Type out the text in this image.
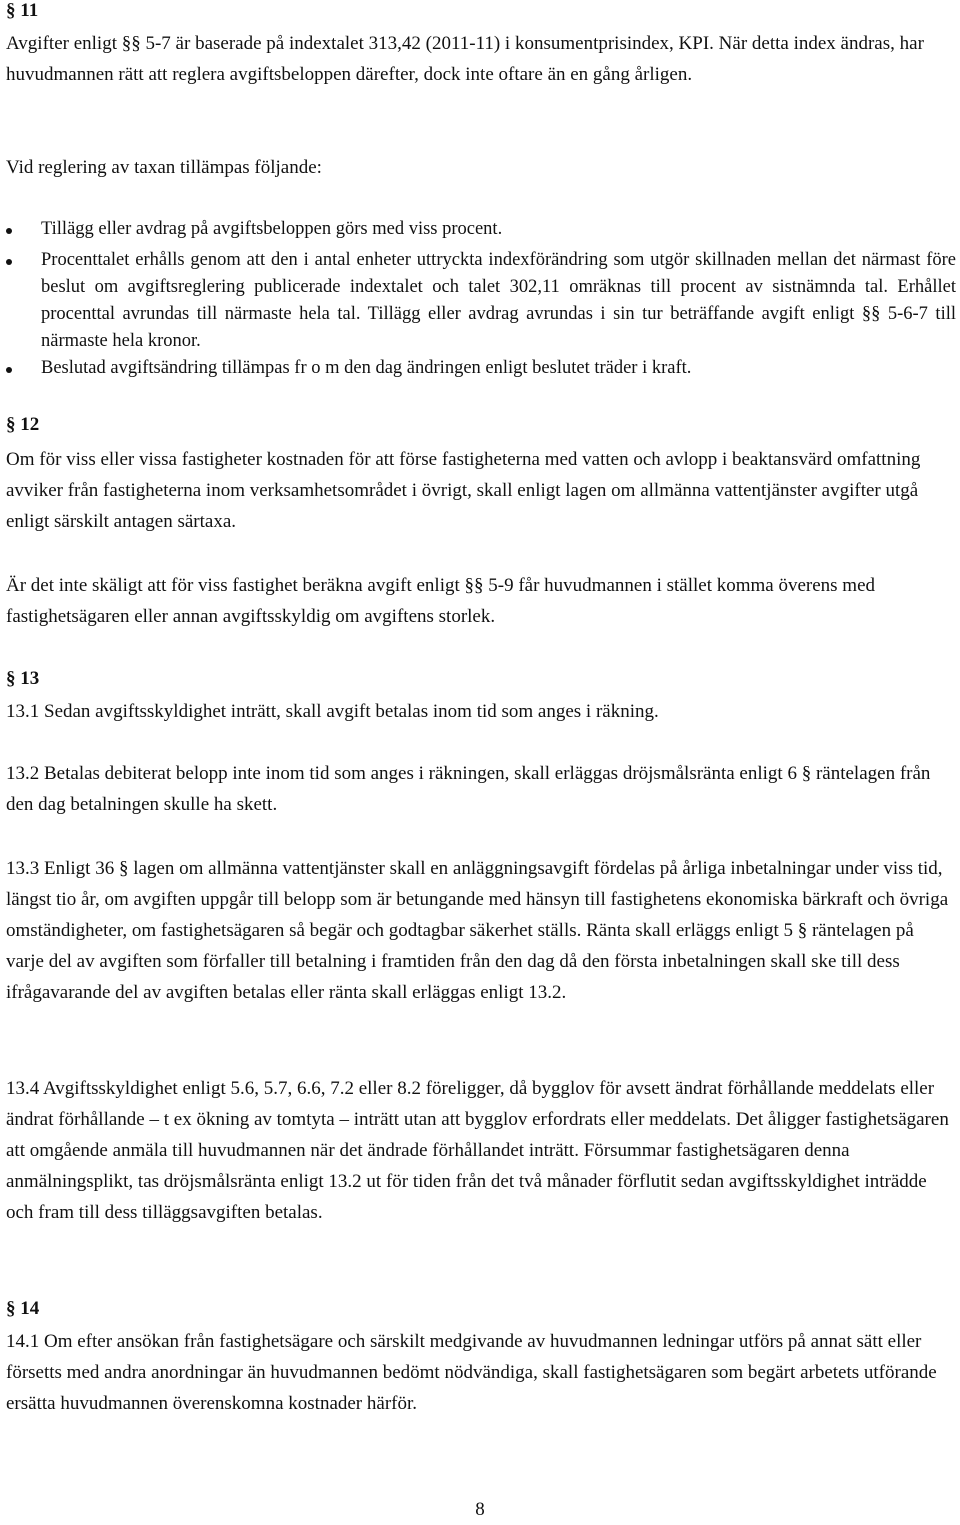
§ 11

Avgifter enligt §§ 5-7 är baserade på indextalet 313,42 (2011-11) i konsumentprisindex, KPI. När detta index ändras, har huvudmannen rätt att reglera avgiftsbeloppen därefter, dock inte oftare än en gång årligen.

Vid reglering av taxan tillämpas följande:

Tillägg eller avdrag på avgiftsbeloppen görs med viss procent.
Procenttalet erhålls genom att den i antal enheter uttryckta indexförändring som utgör skillnaden mellan det närmast före beslut om avgiftsreglering publicerade indextalet och talet 302,11 omräknas till procent av sistnämnda tal. Erhållet procenttal avrundas till närmaste hela tal. Tillägg eller avdrag avrundas i sin tur beträffande avgift enligt §§ 5-6-7 till närmaste hela kronor.
Beslutad avgiftsändring tillämpas fr o m den dag ändringen enligt beslutet träder i kraft.
§ 12

Om för viss eller vissa fastigheter kostnaden för att förse fastigheterna med vatten och avlopp i beaktansvärd omfattning avviker från fastigheterna inom verksamhetsområdet i övrigt, skall enligt lagen om allmänna vattentjänster avgifter utgå enligt särskilt antagen särtaxa.

Är det inte skäligt att för viss fastighet beräkna avgift enligt §§ 5-9 får huvudmannen i stället komma överens med fastighetsägaren eller annan avgiftsskyldig om avgiftens storlek.

§ 13

13.1 Sedan avgiftsskyldighet inträtt, skall avgift betalas inom tid som anges i räkning.

13.2 Betalas debiterat belopp inte inom tid som anges i räkningen, skall erläggas dröjsmålsränta enligt 6 § räntelagen från den dag betalningen skulle ha skett.

13.3 Enligt 36 § lagen om allmänna vattentjänster skall en anläggningsavgift fördelas på årliga inbetalningar under viss tid, längst tio år, om avgiften uppgår till belopp som är betungande med hänsyn till fastighetens ekonomiska bärkraft och övriga omständigheter, om fastighetsägaren så begär och godtagbar säkerhet ställs. Ränta skall erläggs enligt 5 § räntelagen på varje del av avgiften som förfaller till betalning i framtiden från den dag då den första inbetalningen skall ske till dess ifrågavarande del av avgiften betalas eller ränta skall erläggas enligt 13.2.

13.4 Avgiftsskyldighet enligt 5.6, 5.7, 6.6, 7.2 eller 8.2 föreligger, då bygglov för avsett ändrat förhållande meddelats eller ändrat förhållande – t ex ökning av tomtyta – inträtt utan att bygglov erfordrats eller meddelats. Det åligger fastighetsägaren att omgående anmäla till huvudmannen när det ändrade förhållandet inträtt. Försummar fastighetsägaren denna anmälningsplikt, tas dröjsmålsränta enligt 13.2 ut för tiden från det två månader förflutit sedan avgiftsskyldighet inträdde och fram till dess tilläggsavgiften betalas.

§ 14

14.1 Om efter ansökan från fastighetsägare och särskilt medgivande av huvudmannen ledningar utförs på annat sätt eller försetts med andra anordningar än huvudmannen bedömt nödvändiga, skall fastighetsägaren som begärt arbetets utförande ersätta huvudmannen överenskomna kostnader härför.

8
